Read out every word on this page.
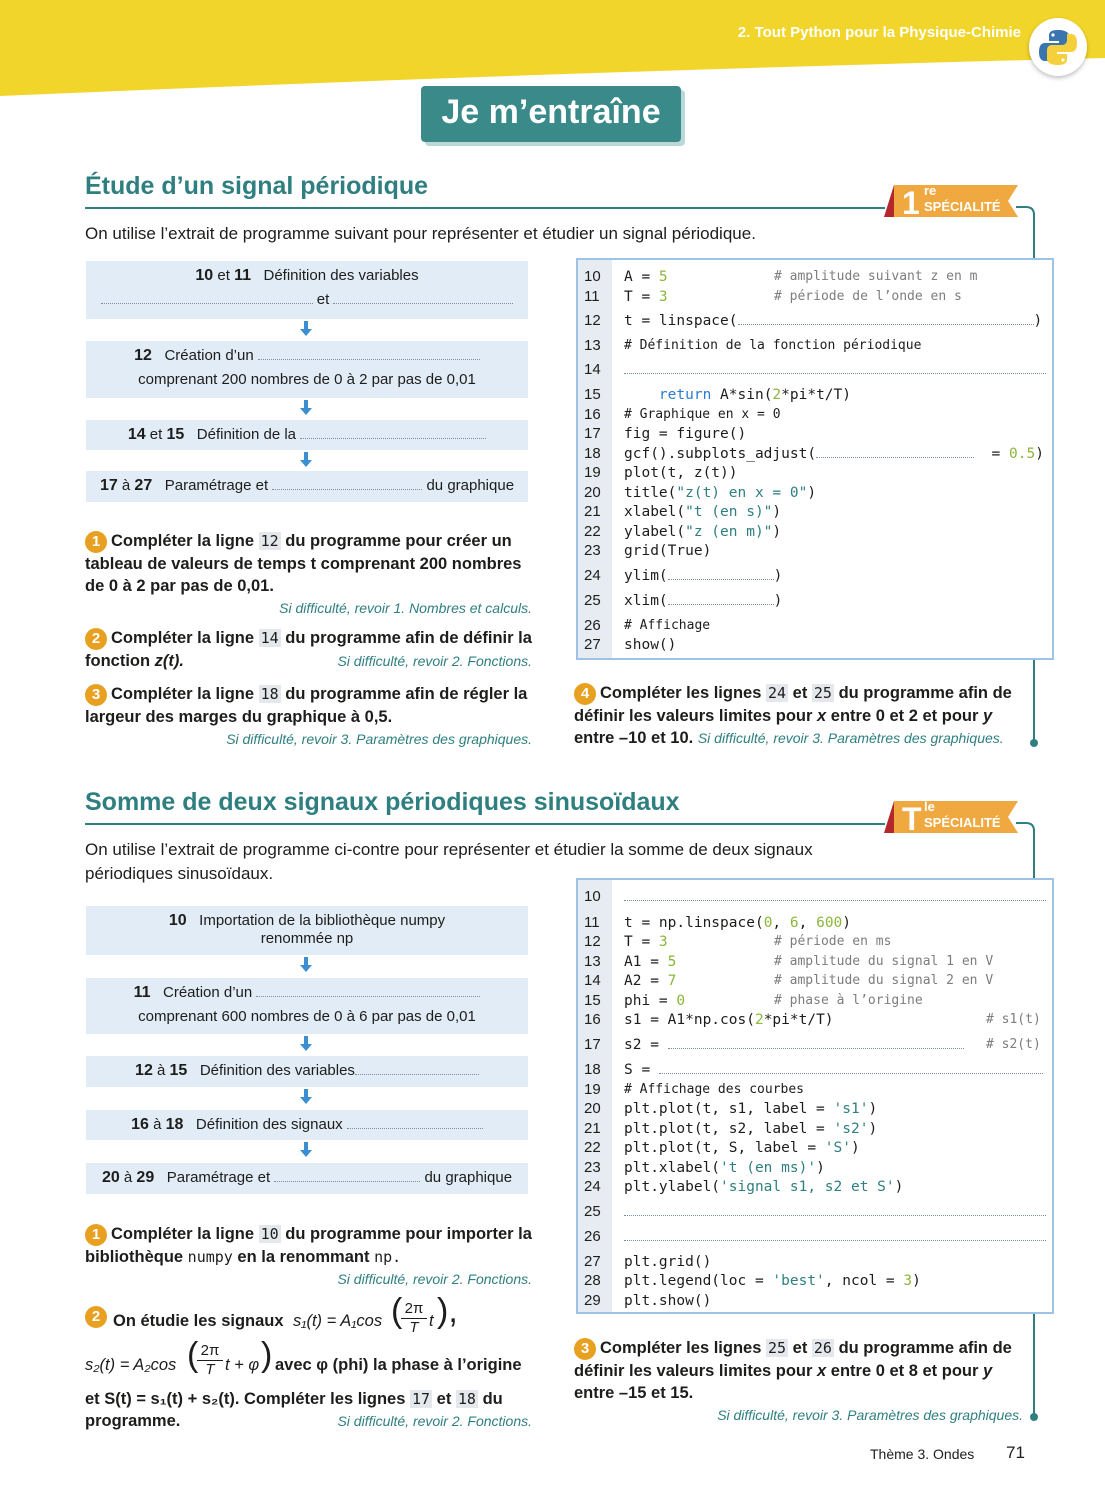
2. Tout Python pour la Physique-Chimie
Je m’entraîne
Étude d’un signal périodique	1 re
SPÉCIALITÉ
On utilise l’extrait de programme suivant pour représenter et étudier un signal périodique.
10 et 11 Définition des variables
et
12 Création d’un
comprenant 200 nombres de 0 à 2 par pas de 0,01
14 et 15 Définition de la
17 à 27 Paramétrage et	du graphique
1 Compléter la ligne 12 du programme pour créer un tableau de valeurs de temps t comprenant 200 nombres de 0 à 2 par pas de 0,01.
Si difficulté, revoir 1. Nombres et calculs.
2 Compléter la ligne 14 du programme afin de définir la fonction z(t).	Si difficulté, revoir 2. Fonctions.
3 Compléter la ligne 18 du programme afin de régler la largeur des marges du graphique à 0,5.
Si difficulté, revoir 3. Paramètres des graphiques.
4 Compléter les lignes 24 et 25 du programme afin de définir les valeurs limites pour x entre 0 et 2 et pour y entre –10 et 10. Si difficulté, revoir 3. Paramètres des graphiques.
10	A = 5	# amplitude suivant z en m
11	T = 3	# période de l’onde en s
12	t = linspace(	)
13	# Définition de la fonction périodique
14
15	return A*sin(2*pi*t/T)
16	# Graphique en x = 0
17	fig = figure()
18	gcf().subplots_adjust(	= 0.5)
19	plot(t, z(t))
20	title("z(t) en x = 0")
21	xlabel("t (en s)")
22	ylabel("z (en m)")
23	grid(True)
24	ylim(	)
25	xlim(	)
26	# Affichage
27	show()
Somme de deux signaux périodiques sinusoïdaux	T le
SPÉCIALITÉ
On utilise l’extrait de programme ci-contre pour représenter et étudier la somme de deux signaux périodiques sinusoïdaux.
10 Importation de la bibliothèque numpy
renommée np
11 Création d’un
comprenant 600 nombres de 0 à 6 par pas de 0,01
12 à 15 Définition des variables
16 à 18 Définition des signaux
20 à 29 Paramétrage et	du graphique
1 Compléter la ligne 10 du programme pour importer la bibliothèque numpy en la renommant np.
Si difficulté, revoir 2. Fonctions.
2 On étudie les signaux s₁(t) = A₁cos ( 2π

T t ),
s₂(t) = A₂cos ( 2π

T t + φ ) avec φ (phi) la phase à l’origine
et S(t) = s₁(t) + s₂(t). Compléter les lignes 17 et 18 du programme.	Si difficulté, revoir 2. Fonctions.
3 Compléter les lignes 25 et 26 du programme afin de définir les valeurs limites pour x entre 0 et 8 et pour y entre –15 et 15.
Si difficulté, revoir 3. Paramètres des graphiques.
10
11	t = np.linspace(0, 6, 600)
12	T = 3	# période en ms
13	A1 = 5	# amplitude du signal 1 en V
14	A2 = 7	# amplitude du signal 2 en V
15	phi = 0	# phase à l’origine
16	s1 = A1*np.cos(2*pi*t/T)	# s1(t)
17	s2 =	# s2(t)
18	S =
19	# Affichage des courbes
20	plt.plot(t, s1, label = 's1')
21	plt.plot(t, s2, label = 's2')
22	plt.plot(t, S, label = 'S')
23	plt.xlabel('t (en ms)')
24	plt.ylabel('signal s1, s2 et S')
25
26
27	plt.grid()
28	plt.legend(loc = 'best', ncol = 3)
29	plt.show()
Thème 3. Ondes 71
